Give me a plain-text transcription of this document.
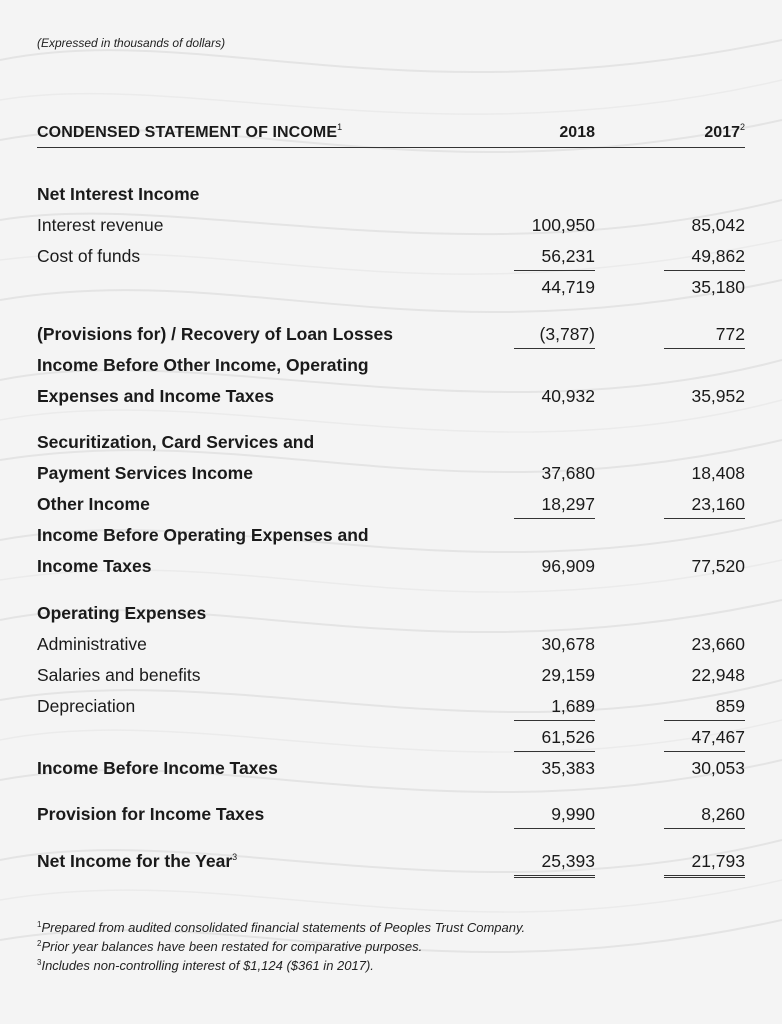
(Expressed in thousands of dollars)
CONDENSED STATEMENT OF INCOME$^1$	2018	2017$^2$
Net Interest Income
Interest revenue	100,950	85,042
Cost of funds	56,231	49,862
44,719	35,180
(Provisions for) / Recovery of Loan Losses	(3,787)	772
Income Before Other Income, Operating
Expenses and Income Taxes	40,932	35,952
Securitization, Card Services and
Payment Services Income	37,680	18,408
Other Income	18,297	23,160
Income Before Operating Expenses and
Income Taxes	96,909	77,520
Operating Expenses
Administrative	30,678	23,660
Salaries and benefits	29,159	22,948
Depreciation	1,689	859
61,526	47,467
Income Before Income Taxes	35,383	30,053
Provision for Income Taxes	9,990	8,260
Net Income for the Year$^3$	25,393	21,793
$^1$Prepared from audited consolidated financial statements of Peoples Trust Company.
$^2$Prior year balances have been restated for comparative purposes.
$^3$Includes non-controlling interest of $1,124 ($361 in 2017).
